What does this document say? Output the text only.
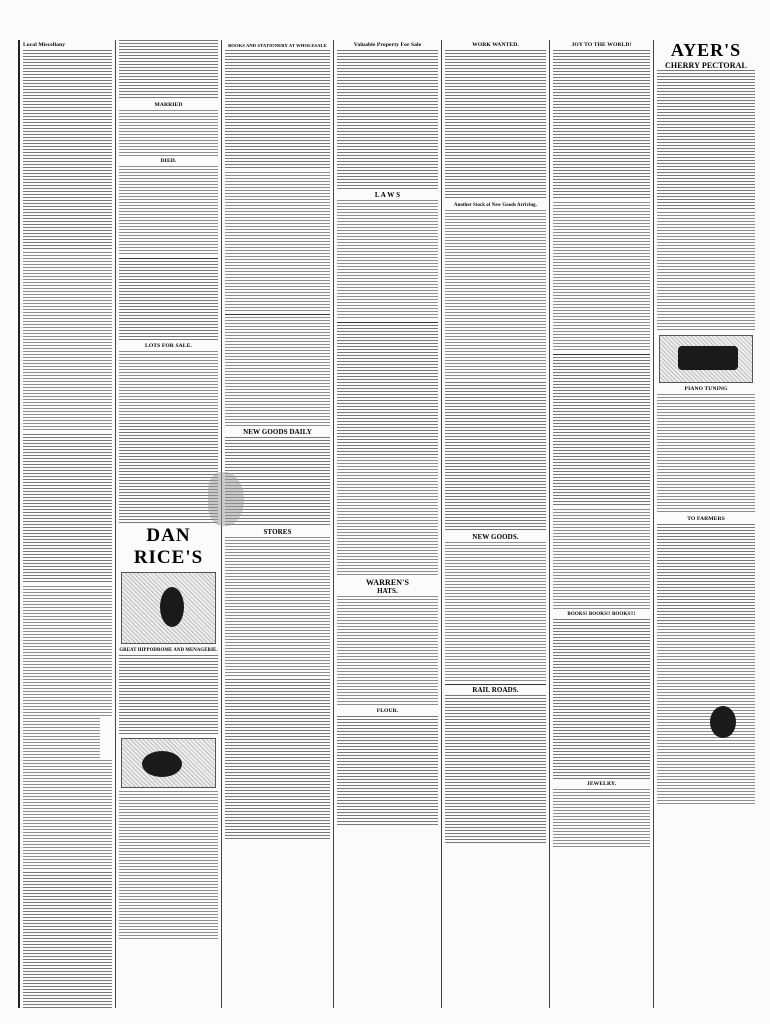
Local Miscellany
MARRIED
DIED.
LOTS FOR SALE.
DAN RICE'S
GREAT HIPPODROME AND MENAGERIE.
BOOKS AND STATIONERY AT WHOLESALE
NEW GOODS DAILY
STORES
Valuable Property For Sale
L A W S
WARREN'S
HATS.
FLOUR.
WORK WANTED.
Another Stock of New Goods Arriving.
NEW GOODS.
RAIL ROADS.
JOY TO THE WORLD!
BOOKS! BOOKS!! BOOKS!!!
JEWELRY.
AYER'S
CHERRY PECTORAL
PIANO TUNING
TO FARMERS
